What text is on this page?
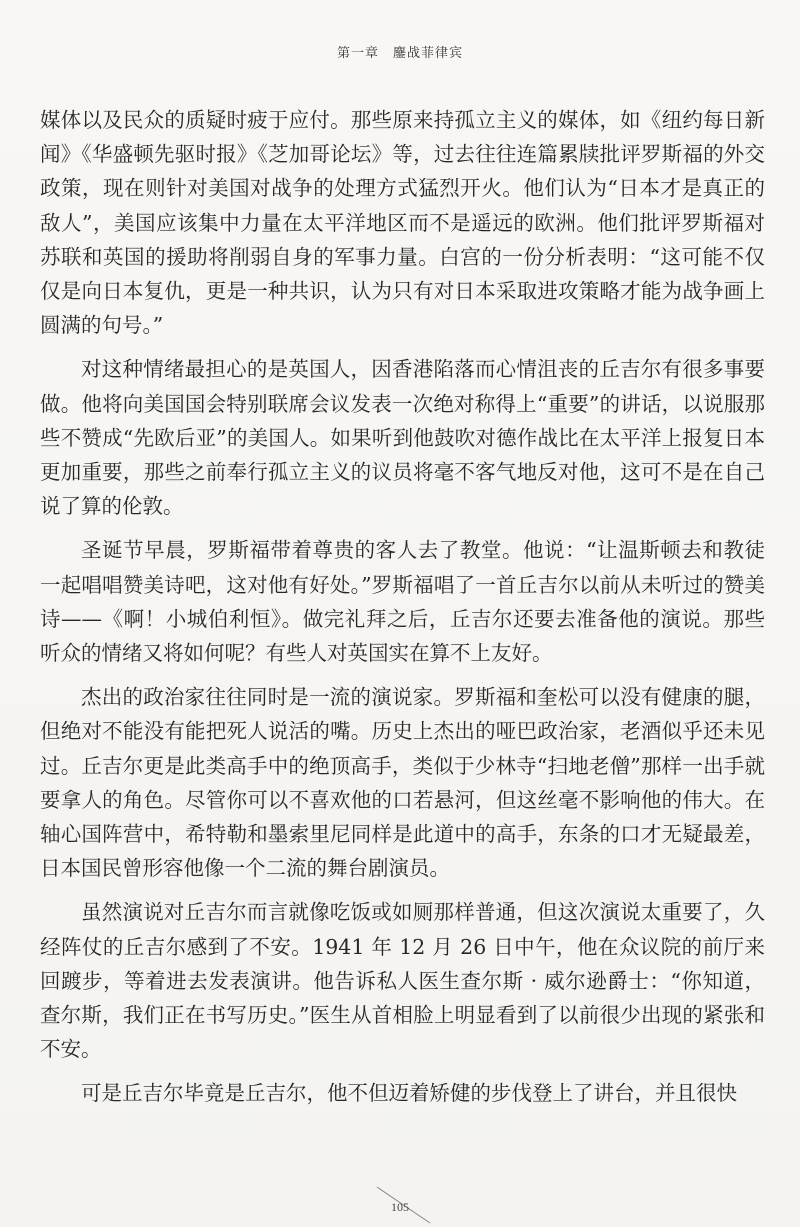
第一章 鏖战菲律宾

媒体以及民众的质疑时疲于应付。那些原来持孤立主义的媒体，如《纽约每日新闻》《华盛顿先驱时报》《芝加哥论坛》等，过去往往连篇累牍批评罗斯福的外交政策，现在则针对美国对战争的处理方式猛烈开火。他们认为“日本才是真正的敌人”，美国应该集中力量在太平洋地区而不是遥远的欧洲。他们批评罗斯福对苏联和英国的援助将削弱自身的军事力量。白宫的一份分析表明：“这可能不仅仅是向日本复仇，更是一种共识，认为只有对日本采取进攻策略才能为战争画上圆满的句号。”

对这种情绪最担心的是英国人，因香港陷落而心情沮丧的丘吉尔有很多事要做。他将向美国国会特别联席会议发表一次绝对称得上“重要”的讲话，以说服那些不赞成“先欧后亚”的美国人。如果听到他鼓吹对德作战比在太平洋上报复日本更加重要，那些之前奉行孤立主义的议员将毫不客气地反对他，这可不是在自己说了算的伦敦。

圣诞节早晨，罗斯福带着尊贵的客人去了教堂。他说：“让温斯顿去和教徒一起唱唱赞美诗吧，这对他有好处。”罗斯福唱了一首丘吉尔以前从未听过的赞美诗——《啊！小城伯利恒》。做完礼拜之后，丘吉尔还要去准备他的演说。那些听众的情绪又将如何呢？有些人对英国实在算不上友好。

杰出的政治家往往同时是一流的演说家。罗斯福和奎松可以没有健康的腿，但绝对不能没有能把死人说活的嘴。历史上杰出的哑巴政治家，老酒似乎还未见过。丘吉尔更是此类高手中的绝顶高手，类似于少林寺“扫地老僧”那样一出手就要拿人的角色。尽管你可以不喜欢他的口若悬河，但这丝毫不影响他的伟大。在轴心国阵营中，希特勒和墨索里尼同样是此道中的高手，东条的口才无疑最差，日本国民曾形容他像一个二流的舞台剧演员。

虽然演说对丘吉尔而言就像吃饭或如厕那样普通，但这次演说太重要了，久经阵仗的丘吉尔感到了不安。1941 年 12 月 26 日中午，他在众议院的前厅来回踱步，等着进去发表演讲。他告诉私人医生查尔斯 · 威尔逊爵士：“你知道，查尔斯，我们正在书写历史。”医生从首相脸上明显看到了以前很少出现的紧张和不安。

可是丘吉尔毕竟是丘吉尔，他不但迈着矫健的步伐登上了讲台，并且很快

105
